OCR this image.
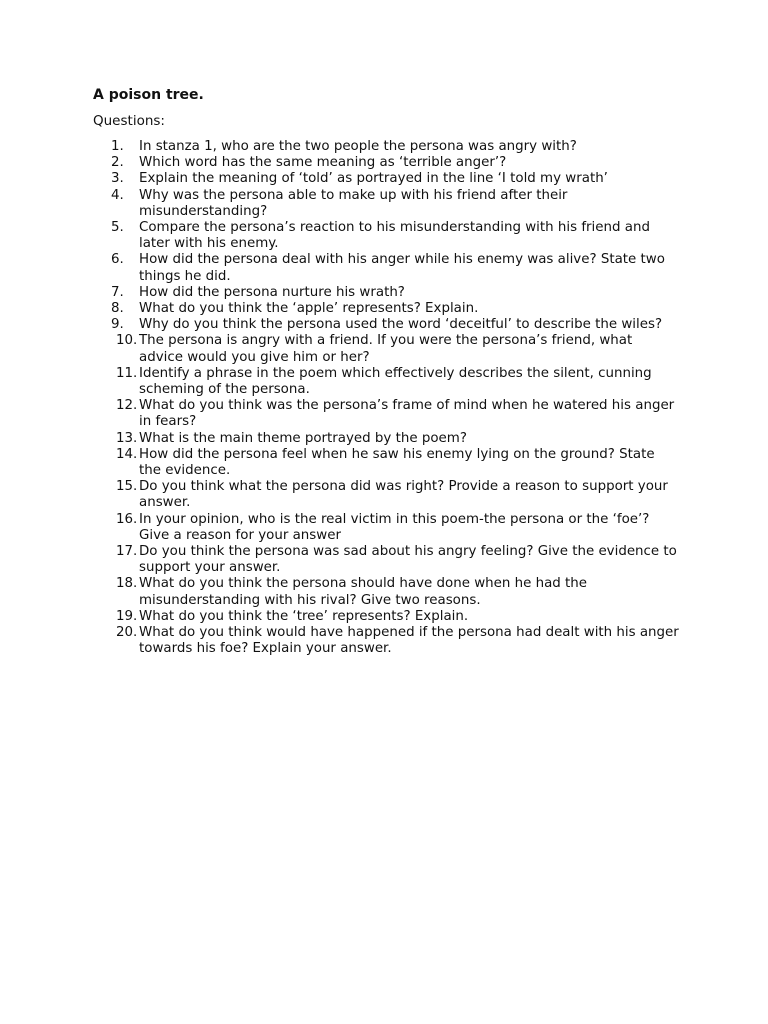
A poison tree.

Questions:

1.	In stanza 1, who are the two people the persona was angry with?
2.	Which word has the same meaning as ‘terrible anger’?
3.	Explain the meaning of ‘told’ as portrayed in the line ‘I told my wrath’
4.	Why was the persona able to make up with his friend after their misunderstanding?
5.	Compare the persona’s reaction to his misunderstanding with his friend and later with his enemy.
6.	How did the persona deal with his anger while his enemy was alive? State two things he did.
7.	How did the persona nurture his wrath?
8.	What do you think the ‘apple’ represents? Explain.
9.	Why do you think the persona used the word ‘deceitful’ to describe the wiles?
10. The persona is angry with a friend. If you were the persona’s friend, what advice would you give him or her?
11. Identify a phrase in the poem which effectively describes the silent, cunning scheming of the persona.
12. What do you think was the persona’s frame of mind when he watered his anger in fears?
13. What is the main theme portrayed by the poem?
14. How did the persona feel when he saw his enemy lying on the ground? State the evidence.
15. Do you think what the persona did was right? Provide a reason to support your answer.
16. In your opinion, who is the real victim in this poem-the persona or the ‘foe’? Give a reason for your answer
17. Do you think the persona was sad about his angry feeling? Give the evidence to support your answer.
18. What do you think the persona should have done when he had the misunderstanding with his rival? Give two reasons.
19. What do you think the ‘tree’ represents? Explain.
20. What do you think would have happened if the persona had dealt with his anger towards his foe? Explain your answer.
